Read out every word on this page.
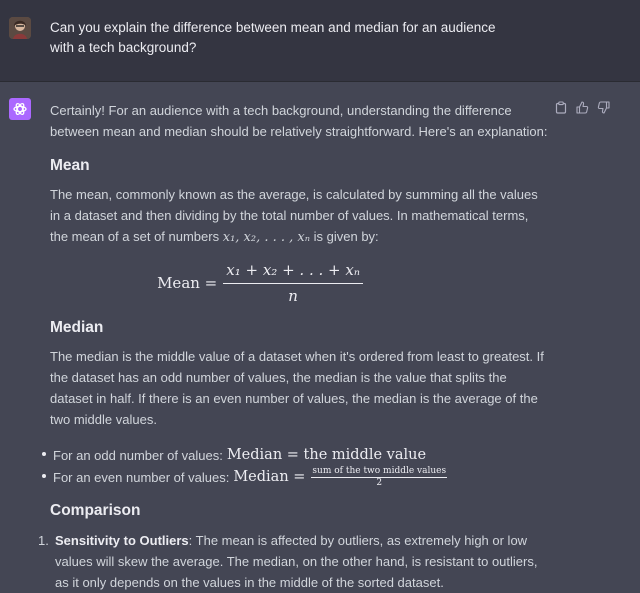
Can you explain the difference between mean and median for an audience with a tech background?

Certainly! For an audience with a tech background, understanding the difference between mean and median should be relatively straightforward. Here's an explanation:

Mean

The mean, commonly known as the average, is calculated by summing all the values in a dataset and then dividing by the total number of values. In mathematical terms, the mean of a set of numbers x₁, x₂, . . . , xₙ is given by:

Mean = $\frac{\text{x₁ + x₂ + . . . + xₙ}}{n}$
Median

The median is the middle value of a dataset when it's ordered from least to greatest. If the dataset has an odd number of values, the median is the value that splits the dataset in half. If there is an even number of values, the median is the average of the two middle values.

For an odd number of values: Median = the middle value
For an even number of values: Median = $\frac{\text{sum of the two middle values}}{2}$
Comparison
1. Sensitivity to Outliers: The mean is affected by outliers, as extremely high or low values will skew the average. The median, on the other hand, is resistant to outliers, as it only depends on the values in the middle of the sorted dataset.
